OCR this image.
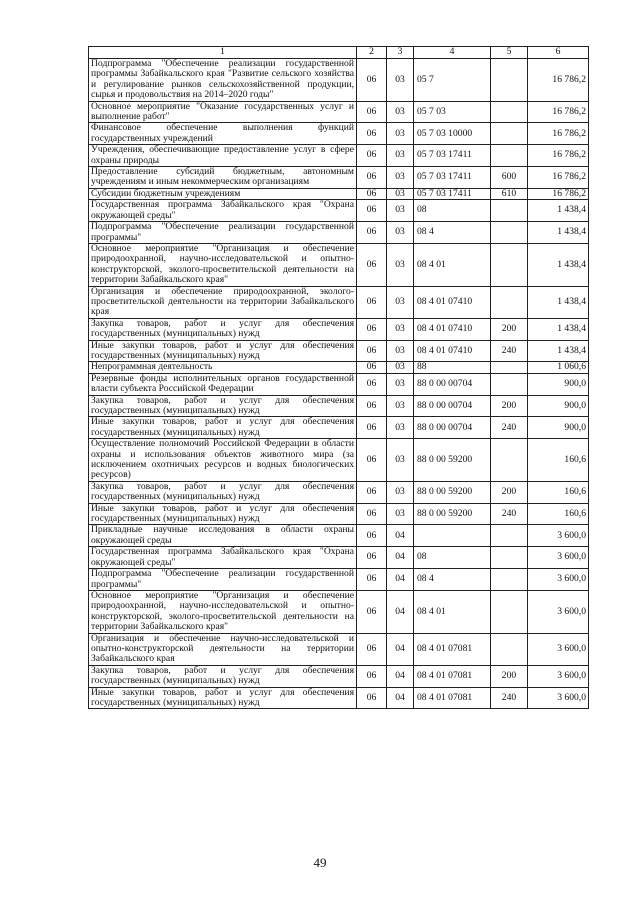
1	2	3	4	5	6
Подпрограмма "Обеспечение реализации государственной программы Забайкальского края "Развитие сельского хозяйства и регулирование рынков сельскохозяйственной продукции, сырья и продовольствия на 2014–2020 годы"	06	03	05 7		16 786,2
Основное мероприятие "Оказание государственных услуг и выполнение работ"	06	03	05 7 03		16 786,2
Финансовое обеспечение выполнения функций государственных учреждений	06	03	05 7 03 10000		16 786,2
Учреждения, обеспечивающие предоставление услуг в сфере охраны природы	06	03	05 7 03 17411		16 786,2
Предоставление субсидий бюджетным, автономным учреждениям и иным некоммерческим организациям	06	03	05 7 03 17411	600	16 786,2
Субсидии бюджетным учреждениям	06	03	05 7 03 17411	610	16 786,2
Государственная программа Забайкальского края "Охрана окружающей среды"	06	03	08		1 438,4
Подпрограмма "Обеспечение реализации государственной программы"	06	03	08 4		1 438,4
Основное мероприятие "Организация и обеспечение природоохранной, научно-исследовательской и опытно-конструкторской, эколого-просветительской деятельности на территории Забайкальского края"	06	03	08 4 01		1 438,4
Организация и обеспечение природоохранной, эколого-просветительской деятельности на территории Забайкальского края	06	03	08 4 01 07410		1 438,4
Закупка товаров, работ и услуг для обеспечения государственных (муниципальных) нужд	06	03	08 4 01 07410	200	1 438,4
Иные закупки товаров, работ и услуг для обеспечения государственных (муниципальных) нужд	06	03	08 4 01 07410	240	1 438,4
Непрограммная деятельность	06	03	88		1 060,6
Резервные фонды исполнительных органов государственной власти субъекта Российской Федерации	06	03	88 0 00 00704		900,0
Закупка товаров, работ и услуг для обеспечения государственных (муниципальных) нужд	06	03	88 0 00 00704	200	900,0
Иные закупки товаров, работ и услуг для обеспечения государственных (муниципальных) нужд	06	03	88 0 00 00704	240	900,0
Осуществление полномочий Российской Федерации в области охраны и использования объектов животного мира (за исключением охотничьих ресурсов и водных биологических ресурсов)	06	03	88 0 00 59200		160,6
Закупка товаров, работ и услуг для обеспечения государственных (муниципальных) нужд	06	03	88 0 00 59200	200	160,6
Иные закупки товаров, работ и услуг для обеспечения государственных (муниципальных) нужд	06	03	88 0 00 59200	240	160,6
Прикладные научные исследования в области охраны окружающей среды	06	04			3 600,0
Государственная программа Забайкальского края "Охрана окружающей среды"	06	04	08		3 600,0
Подпрограмма "Обеспечение реализации государственной программы"	06	04	08 4		3 600,0
Основное мероприятие "Организация и обеспечение природоохранной, научно-исследовательской и опытно-конструкторской, эколого-просветительской деятельности на территории Забайкальского края"	06	04	08 4 01		3 600,0
Организация и обеспечение научно-исследовательской и опытно-конструкторской деятельности на территории Забайкальского края	06	04	08 4 01 07081		3 600,0
Закупка товаров, работ и услуг для обеспечения государственных (муниципальных) нужд	06	04	08 4 01 07081	200	3 600,0
Иные закупки товаров, работ и услуг для обеспечения государственных (муниципальных) нужд	06	04	08 4 01 07081	240	3 600,0
49
